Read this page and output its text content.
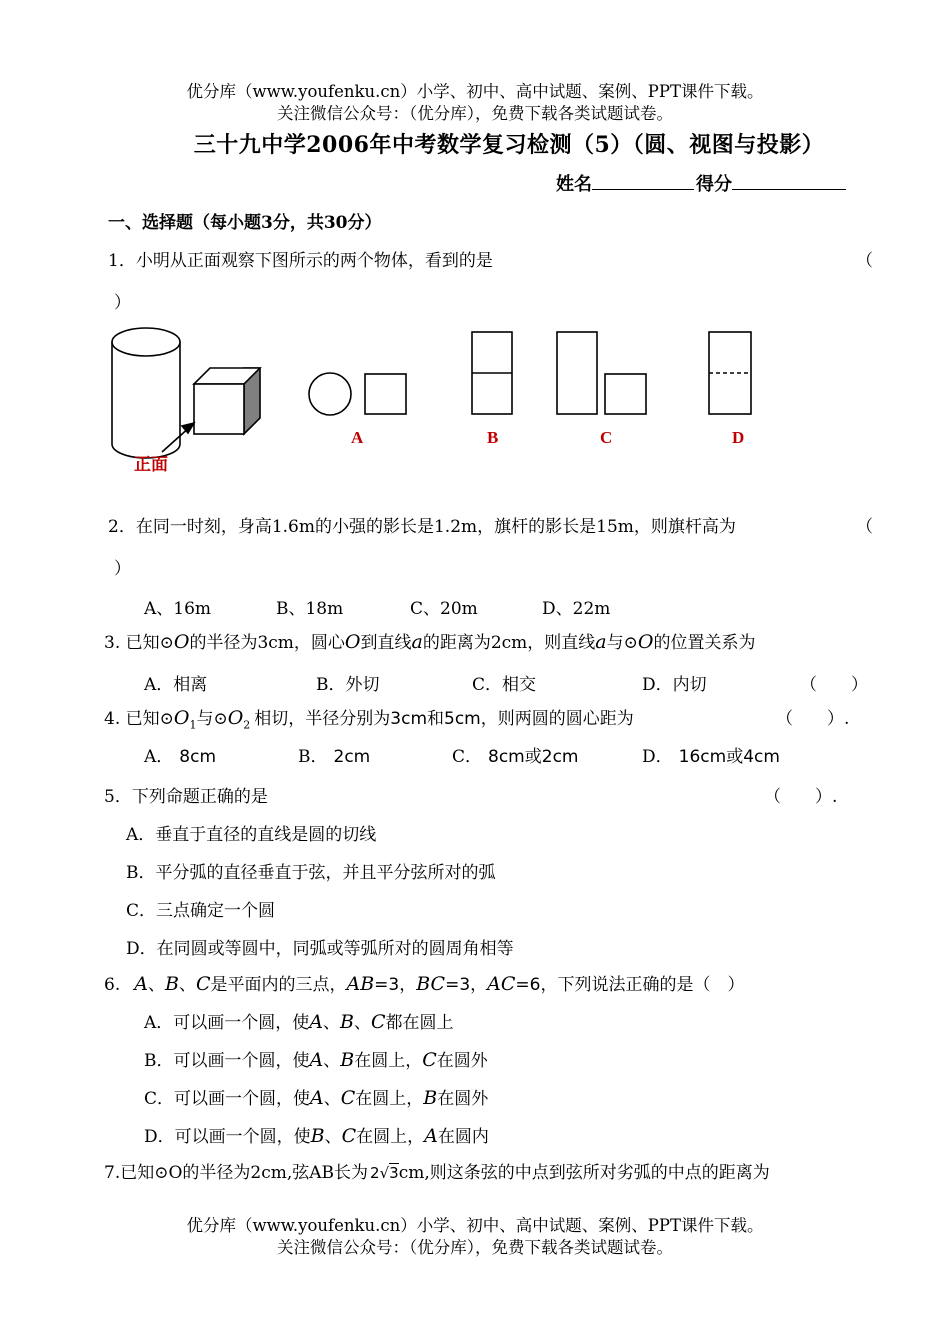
优分库（www.youfenku.cn）小学、初中、高中试题、案例、PPT课件下载。
关注微信公众号：（优分库），免费下载各类试题试卷。
三十九中学2006年中考数学复习检测（5）（圆、视图与投影）
姓名	得分
一、选择题（每小题3分，共30分）
1．小明从正面观察下图所示的两个物体，看到的是	（
）
正面
A	B	C	D
2．在同一时刻，身高1.6m的小强的影长是1.2m，旗杆的影长是15m，则旗杆高为	（
）
A、16m	B、18m	C、20m	D、22m
3. 已知⊙O的半径为3cm，圆心O到直线a的距离为2cm，则直线a与⊙O的位置关系为
A．相离	B．外切	C．相交	D．内切	（　　）
4. 已知$⊙O_1$与$⊙O_2$ 相切，半径分别为3cm和5cm，则两圆的圆心距为	（　　）.
A． 8cm	B． 2cm	C． 8cm或2cm	D． 16cm或4cm
5．下列命题正确的是	（　　）.
A．垂直于直径的直线是圆的切线
B．平分弧的直径垂直于弦，并且平分弦所对的弧
C．三点确定一个圆
D．在同圆或等圆中，同弧或等弧所对的圆周角相等
6. A、B、C是平面内的三点，AB=3，BC=3，AC=6，下列说法正确的是（　）
A．可以画一个圆，使A、B、C都在圆上
B．可以画一个圆，使A、B在圆上，C在圆外
C．可以画一个圆，使A、C在圆上，B在圆外
D．可以画一个圆，使B、C在圆上，A在圆内
7.已知⊙O的半径为2cm,弦AB长为 2√3cm,则这条弦的中点到弦所对劣弧的中点的距离为
优分库（www.youfenku.cn）小学、初中、高中试题、案例、PPT课件下载。
关注微信公众号：（优分库），免费下载各类试题试卷。
